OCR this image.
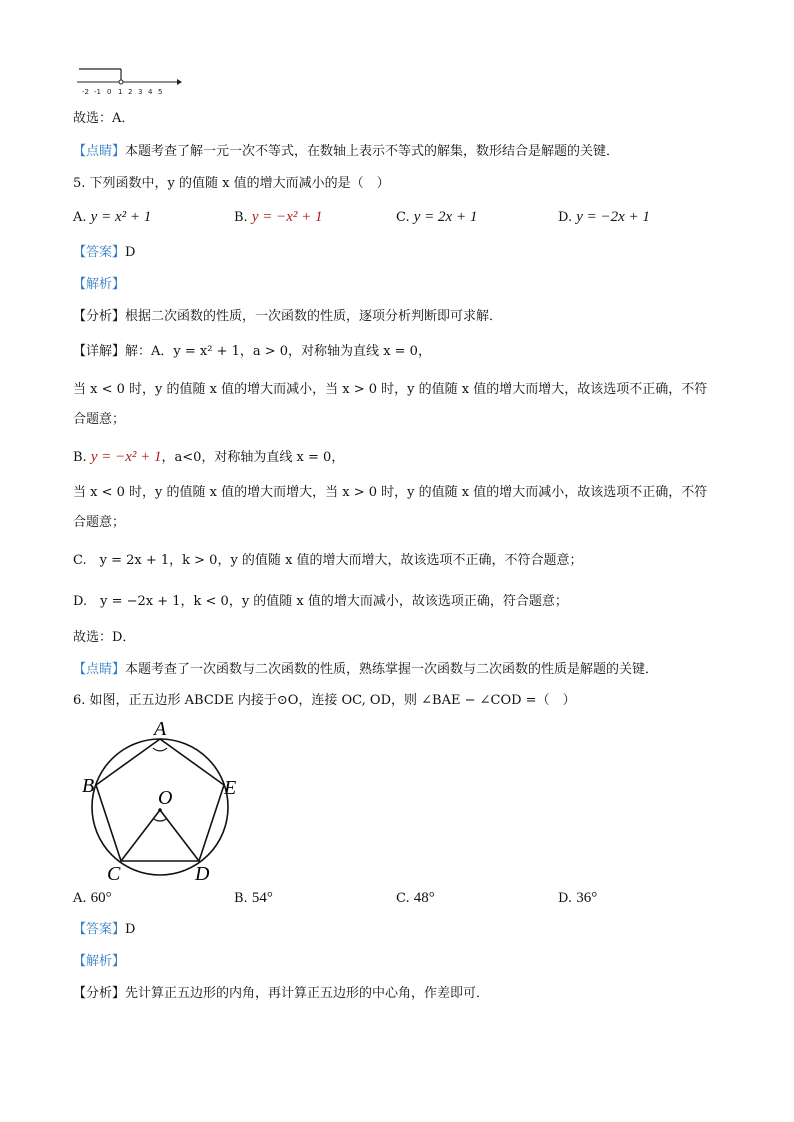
-2 -1 0 1 2 3 4 5
故选：A．
【点睛】本题考查了解一元一次不等式，在数轴上表示不等式的解集，数形结合是解题的关键．
5. 下列函数中，y 的值随 x 值的增大而减小的是（　）
A. y = x² + 1	B. y = −x² + 1	C. y = 2x + 1	D. y = −2x + 1
【答案】D
【解析】
【分析】根据二次函数的性质，一次函数的性质，逐项分析判断即可求解．
【详解】解：A．y = x² + 1，a > 0，对称轴为直线 x = 0，
当 x < 0 时，y 的值随 x 值的增大而减小，当 x > 0 时，y 的值随 x 值的增大而增大，故该选项不正确，不符
合题意；
B. y = −x² + 1，a<0，对称轴为直线 x = 0，
当 x < 0 时，y 的值随 x 值的增大而增大，当 x > 0 时，y 的值随 x 值的增大而减小，故该选项不正确，不符
合题意；
C.　y = 2x + 1，k > 0，y 的值随 x 值的增大而增大，故该选项不正确，不符合题意；
D.　y = −2x + 1，k < 0，y 的值随 x 值的增大而减小，故该选项正确，符合题意；
故选：D．
【点睛】本题考查了一次函数与二次函数的性质，熟练掌握一次函数与二次函数的性质是解题的关键．
6. 如图，正五边形 ABCDE 内接于⊙O，连接 OC, OD，则 ∠BAE − ∠COD =（　）
A
B
C	D
E
O
A. 60°	B. 54°	C. 48°	D. 36°
【答案】D
【解析】
【分析】先计算正五边形的内角，再计算正五边形的中心角，作差即可．
